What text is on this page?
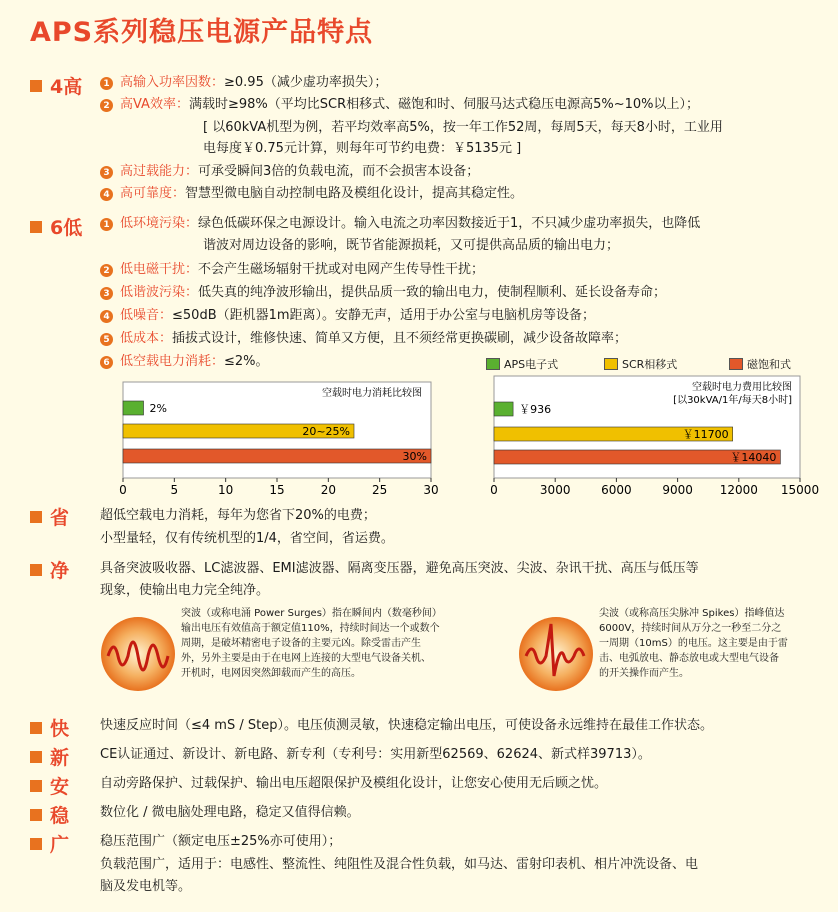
APS系列稳压电源产品特点
4高	1 高输入功率因数：≥0.95（减少虚功率损失）；
2 高VA效率：满载时≥98%（平均比SCR相移式、磁饱和时、伺服马达式稳压电源高5%~10%以上）；
[ 以60kVA机型为例，若平均效率高5%，按一年工作52周，每周5天，每天8小时，工业用
电每度￥0.75元计算，则每年可节约电费：￥5135元 ]
3 高过载能力：可承受瞬间3倍的负载电流，而不会损害本设备；
4 高可靠度：智慧型微电脑自动控制电路及模组化设计，提高其稳定性。
6低	1 低环境污染：绿色低碳环保之电源设计。输入电流之功率因数接近于1，不只减少虚功率损失，也降低
谐波对周边设备的影响，既节省能源损耗，又可提供高品质的输出电力；
2 低电磁干扰：不会产生磁场辐射干扰或对电网产生传导性干扰；
3 低谐波污染：低失真的纯净波形输出，提供品质一致的输出电力，使制程顺利、延长设备寿命；
4 低噪音：≤50dB（距机器1m距离）。安静无声，适用于办公室与电脑机房等设备；
5 低成本：插拔式设计，维修快速、简单又方便，且不须经常更换碳刷，减少设备故障率；
6 低空载电力消耗：≤2%。	APS电子式	SCR相移式	磁饱和式
0	5	10	15	20	25	30
空载时电力消耗比较图
2%
20~25%
30%
0	3000	6000	9000 12000 15000
空载时电力费用比较图
[以30kVA/1年/每天8小时]
￥936
￥11700
￥14040
省 超低空载电力消耗，每年为您省下20%的电费；
小型量轻，仅有传统机型的1/4，省空间，省运费。
净 具备突波吸收器、LC滤波器、EMI滤波器、隔离变压器，避免高压突波、尖波、杂讯干扰、高压与低压等
现象，使输出电力完全纯净。
突波（或称电涌 Power Surges）指在瞬间内（数毫秒间）
输出电压有效值高于额定值110%，持续时间达一个或数个
周期，是破坏精密电子设备的主要元凶。除受雷击产生
外，另外主要是由于在电网上连接的大型电气设备关机、
开机时，电网因突然卸载而产生的高压。
尖波（或称高压尖脉冲 Spikes）指峰值达
6000V，持续时间从万分之一秒至二分之
一周期（10mS）的电压。这主要是由于雷
击、电弧放电、静态放电或大型电气设备
的开关操作而产生。
快 快速反应时间（≤4 mS / Step）。电压侦测灵敏，快速稳定输出电压，可使设备永远维持在最佳工作状态。
新 CE认证通过、新设计、新电路、新专利（专利号：实用新型62569、62624、新式样39713）。
安 自动旁路保护、过载保护、输出电压超限保护及模组化设计，让您安心使用无后顾之忧。
稳 数位化 / 微电脑处理电路，稳定又值得信赖。
广 稳压范围广（额定电压±25%亦可使用）；
负载范围广，适用于：电感性、整流性、纯阻性及混合性负载，如马达、雷射印表机、相片冲洗设备、电
脑及发电机等。
